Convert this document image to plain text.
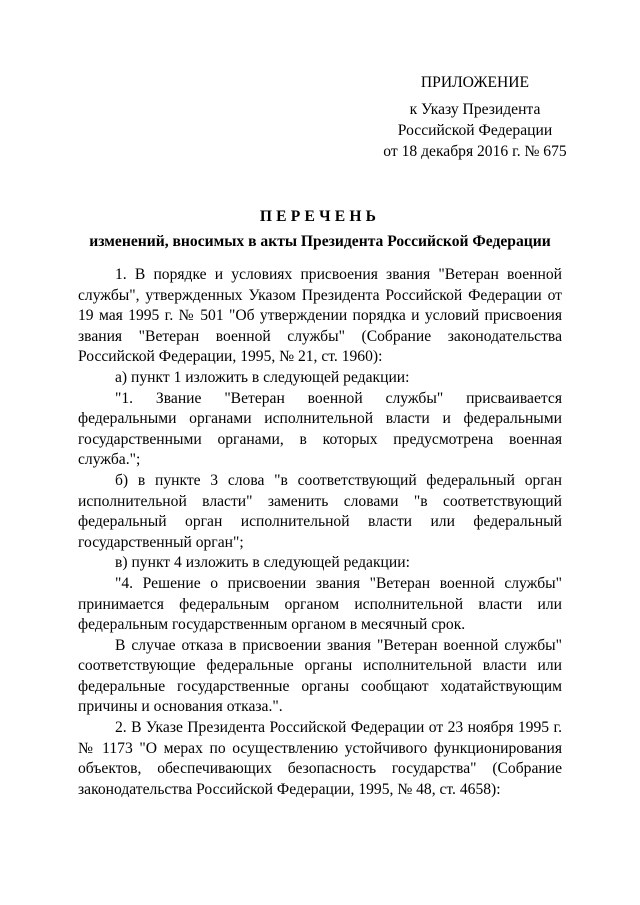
ПРИЛОЖЕНИЕ
к Указу Президента
Российской Федерации
от 18 декабря 2016 г. № 675
ПЕРЕЧЕНЬ
изменений, вносимых в акты Президента Российской Федерации

1. В порядке и условиях присвоения звания "Ветеран военной службы", утвержденных Указом Президента Российской Федерации от 19 мая 1995 г. № 501 "Об утверждении порядка и условий присвоения звания "Ветеран военной службы" (Собрание законодательства Российской Федерации, 1995, № 21, ст. 1960):

а) пункт 1 изложить в следующей редакции:

"1. Звание "Ветеран военной службы" присваивается федеральными органами исполнительной власти и федеральными государственными органами, в которых предусмотрена военная служба.";

б) в пункте 3 слова "в соответствующий федеральный орган исполнительной власти" заменить словами "в соответствующий федеральный орган исполнительной власти или федеральный государственный орган";

в) пункт 4 изложить в следующей редакции:

"4. Решение о присвоении звания "Ветеран военной службы" принимается федеральным органом исполнительной власти или федеральным государственным органом в месячный срок.

В случае отказа в присвоении звания "Ветеран военной службы" соответствующие федеральные органы исполнительной власти или федеральные государственные органы сообщают ходатайствующим причины и основания отказа.".

2. В Указе Президента Российской Федерации от 23 ноября 1995 г. № 1173 "О мерах по осуществлению устойчивого функционирования объектов, обеспечивающих безопасность государства" (Собрание законодательства Российской Федерации, 1995, № 48, ст. 4658):
